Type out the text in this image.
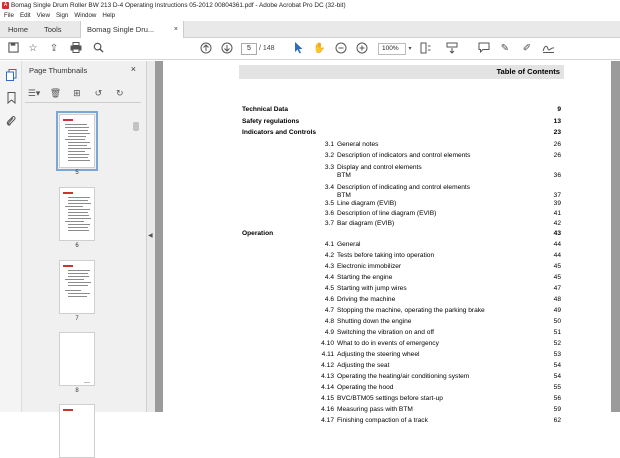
A Bomag Single Drum Roller BW 213 D-4 Operating Instructions 05-2012 00804361.pdf - Adobe Acrobat Pro DC (32-bit)
File Edit View Sign Window Help
Home	Tools	Bomag Single Dru...	×
☆ ⇪	5	/ 148	✋	100%	▾	✎ ✐
Page Thumbnails	×
☰▾ 🗑 ⊞ ↺ ↻
5
6
7
8
◀
Table of Contents
Technical Data	9
Safety regulations	13
Indicators and Controls	23
3.1 General notes	26
3.2 Description of indicators and control elements	26
3.3 Display and control elements
BTM	36
3.4 Description of indicating and control elements
BTM	37
3.5 Line diagram (EVIB)	39
3.6 Description of line diagram (EVIB)	41
3.7 Bar diagram (EVIB)	42
Operation	43
4.1 General	44
4.2 Tests before taking into operation	44
4.3 Electronic immobilizer	45
4.4 Starting the engine	45
4.5 Starting with jump wires	47
4.6 Driving the machine	48
4.7 Stopping the machine, operating the parking brake	49
4.8 Shutting down the engine	50
4.9 Switching the vibration on and off	51
4.10 What to do in events of emergency	52
4.11 Adjusting the steering wheel	53
4.12 Adjusting the seat	54
4.13 Operating the heating/air conditioning system	54
4.14 Operating the hood	55
4.15 BVC/BTM05 settings before start-up	56
4.16 Measuring pass with BTM	59
4.17 Finishing compaction of a track	62
